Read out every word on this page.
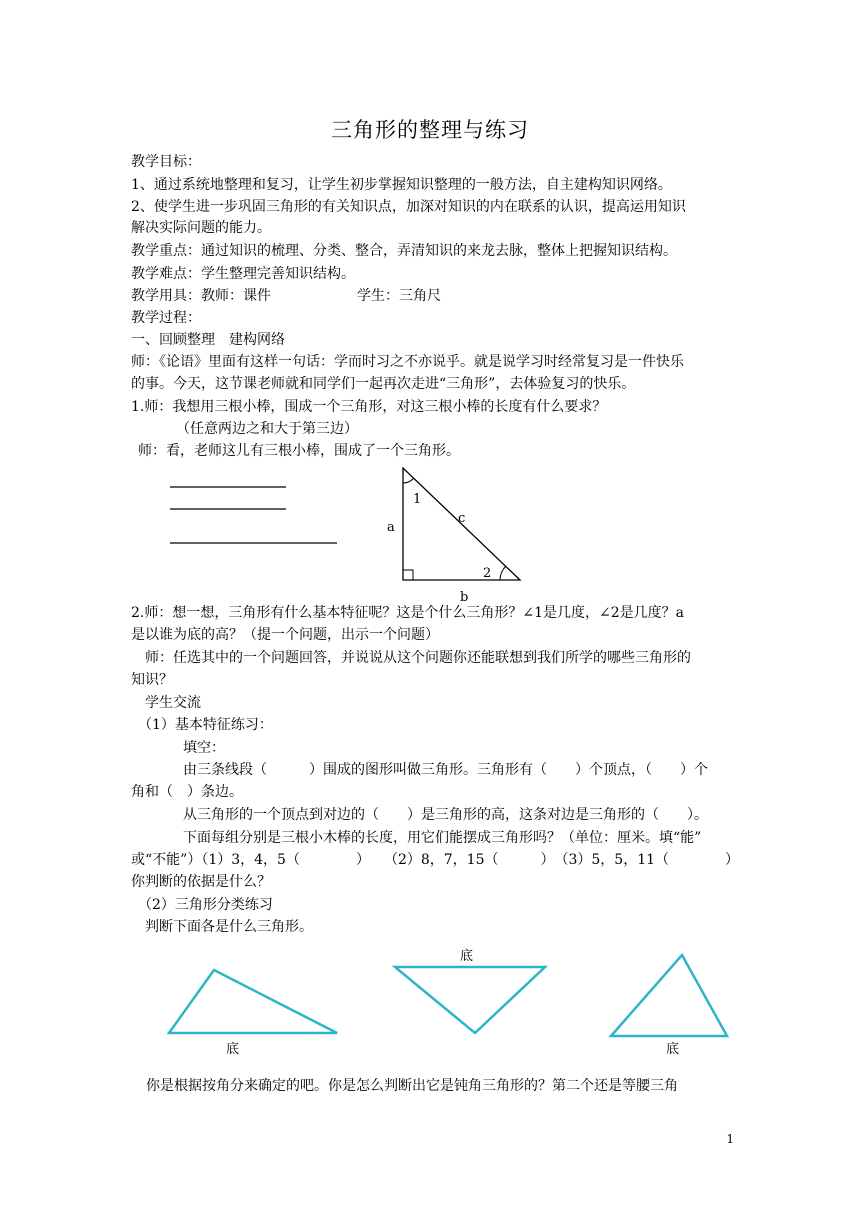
三角形的整理与练习
教学目标：
1、通过系统地整理和复习，让学生初步掌握知识整理的一般方法，自主建构知识网络。
2、使学生进一步巩固三角形的有关知识点，加深对知识的内在联系的认识，提高运用知识
解决实际问题的能力。
教学重点：通过知识的梳理、分类、整合，弄清知识的来龙去脉，整体上把握知识结构。
教学难点：学生整理完善知识结构。
教学用具：教师：课件	学生：三角尺
教学过程：
一、回顾整理　建构网络
师：《论语》里面有这样一句话：学而时习之不亦说乎。就是说学习时经常复习是一件快乐
的事。今天，这节课老师就和同学们一起再次走进“三角形”，去体验复习的快乐。
1.师：我想用三根小棒，围成一个三角形，对这三根小棒的长度有什么要求？
（任意两边之和大于第三边）
师：看，老师这儿有三根小棒，围成了一个三角形。
1
2
a
c
b
2.师：想一想，三角形有什么基本特征呢？这是个什么三角形？∠1是几度，∠2是几度？a
是以谁为底的高？（提一个问题，出示一个问题）
师：任选其中的一个问题回答，并说说从这个问题你还能联想到我们所学的哪些三角形的
知识？
学生交流
（1）基本特征练习：
填空：
由三条线段（　　　）围成的图形叫做三角形。三角形有（　　）个顶点，（　　）个
角和（　）条边。
从三角形的一个顶点到对边的（　　）是三角形的高，这条对边是三角形的（　　）。
下面每组分别是三根小木棒的长度，用它们能摆成三角形吗？（单位：厘米。填“能”
或“不能”）（1）3，4，5（　　　　）　　（2）8，7，15（　　　）　（3）5，5，11（　　　　）
你判断的依据是什么？
（2）三角形分类练习
判断下面各是什么三角形。
底
底
底
你是根据按角分来确定的吧。你是怎么判断出它是钝角三角形的？第二个还是等腰三角
1
